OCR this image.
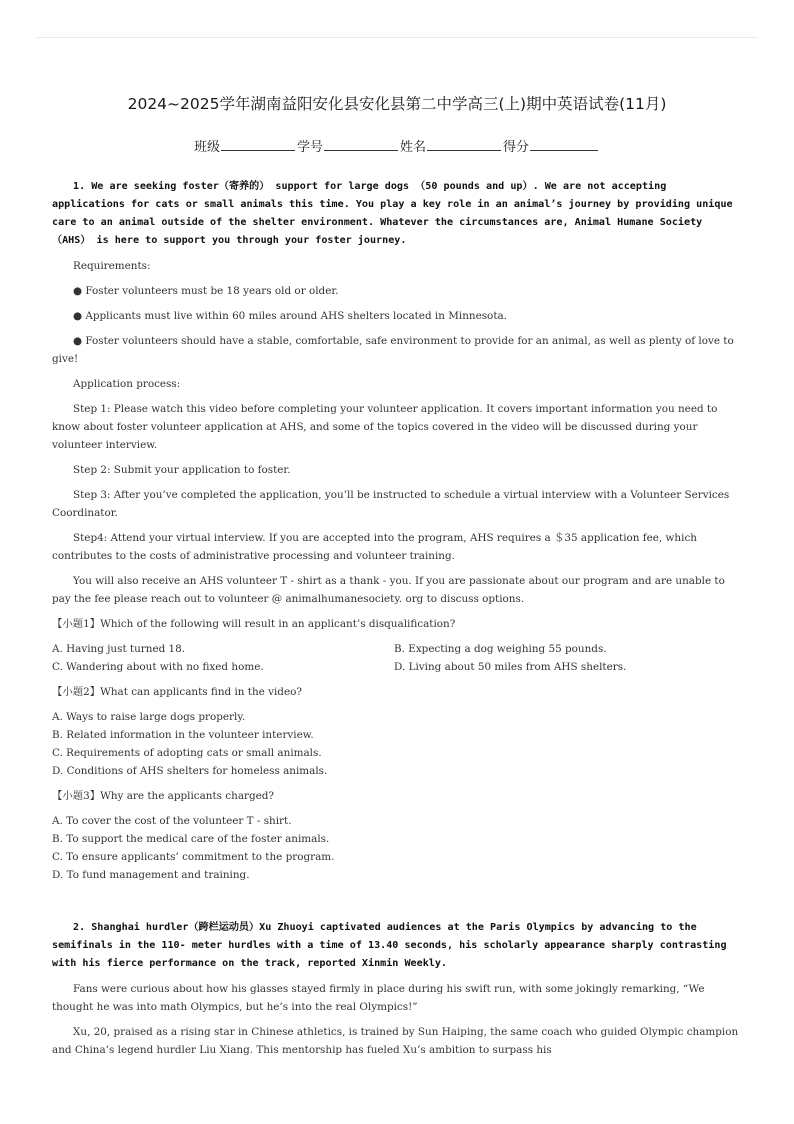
2024~2025学年湖南益阳安化县安化县第二中学高三(上)期中英语试卷(11月)
班级	学号	姓名	得分

1. We are seeking foster（寄养的） support for large dogs （50 pounds and up）. We are not accepting applications for cats or small animals this time. You play a key role in an animal’s journey by providing unique care to an animal outside of the shelter environment. Whatever the circumstances are, Animal Humane Society （AHS） is here to support you through your foster journey.

Requirements:

● Foster volunteers must be 18 years old or older.

● Applicants must live within 60 miles around AHS shelters located in Minnesota.

● Foster volunteers should have a stable, comfortable, safe environment to provide for an animal, as well as plenty of love to give!

Application process:

Step 1: Please watch this video before completing your volunteer application. It covers important information you need to know about foster volunteer application at AHS, and some of the topics covered in the video will be discussed during your volunteer interview.

Step 2: Submit your application to foster.

Step 3: After you’ve completed the application, you’ll be instructed to schedule a virtual interview with a Volunteer Services Coordinator.

Step4: Attend your virtual interview. If you are accepted into the program, AHS requires a ＄35 application fee, which contributes to the costs of administrative processing and volunteer training.

You will also receive an AHS volunteer T - shirt as a thank - you. If you are passionate about our program and are unable to pay the fee please reach out to volunteer @ animalhumanesociety. org to discuss options.

【小题1】Which of the following will result in an applicant’s disqualification?

A. Having just turned 18.	B. Expecting a dog weighing 55 pounds.
C. Wandering about with no fixed home.	D. Living about 50 miles from AHS shelters.

【小题2】What can applicants find in the video?

A. Ways to raise large dogs properly.
B. Related information in the volunteer interview.
C. Requirements of adopting cats or small animals.
D. Conditions of AHS shelters for homeless animals.

【小题3】Why are the applicants charged?

A. To cover the cost of the volunteer T - shirt.
B. To support the medical care of the foster animals.
C. To ensure applicants’ commitment to the program.
D. To fund management and training.

2. Shanghai hurdler（跨栏运动员）Xu Zhuoyi captivated audiences at the Paris Olympics by advancing to the semifinals in the 110- meter hurdles with a time of 13.40 seconds, his scholarly appearance sharply contrasting with his fierce performance on the track, reported Xinmin Weekly.

Fans were curious about how his glasses stayed firmly in place during his swift run, with some jokingly remarking, “We thought he was into math Olympics, but he’s into the real Olympics!”

Xu, 20, praised as a rising star in Chinese athletics, is trained by Sun Haiping, the same coach who guided Olympic champion and China’s legend hurdler Liu Xiang. This mentorship has fueled Xu’s ambition to surpass his
